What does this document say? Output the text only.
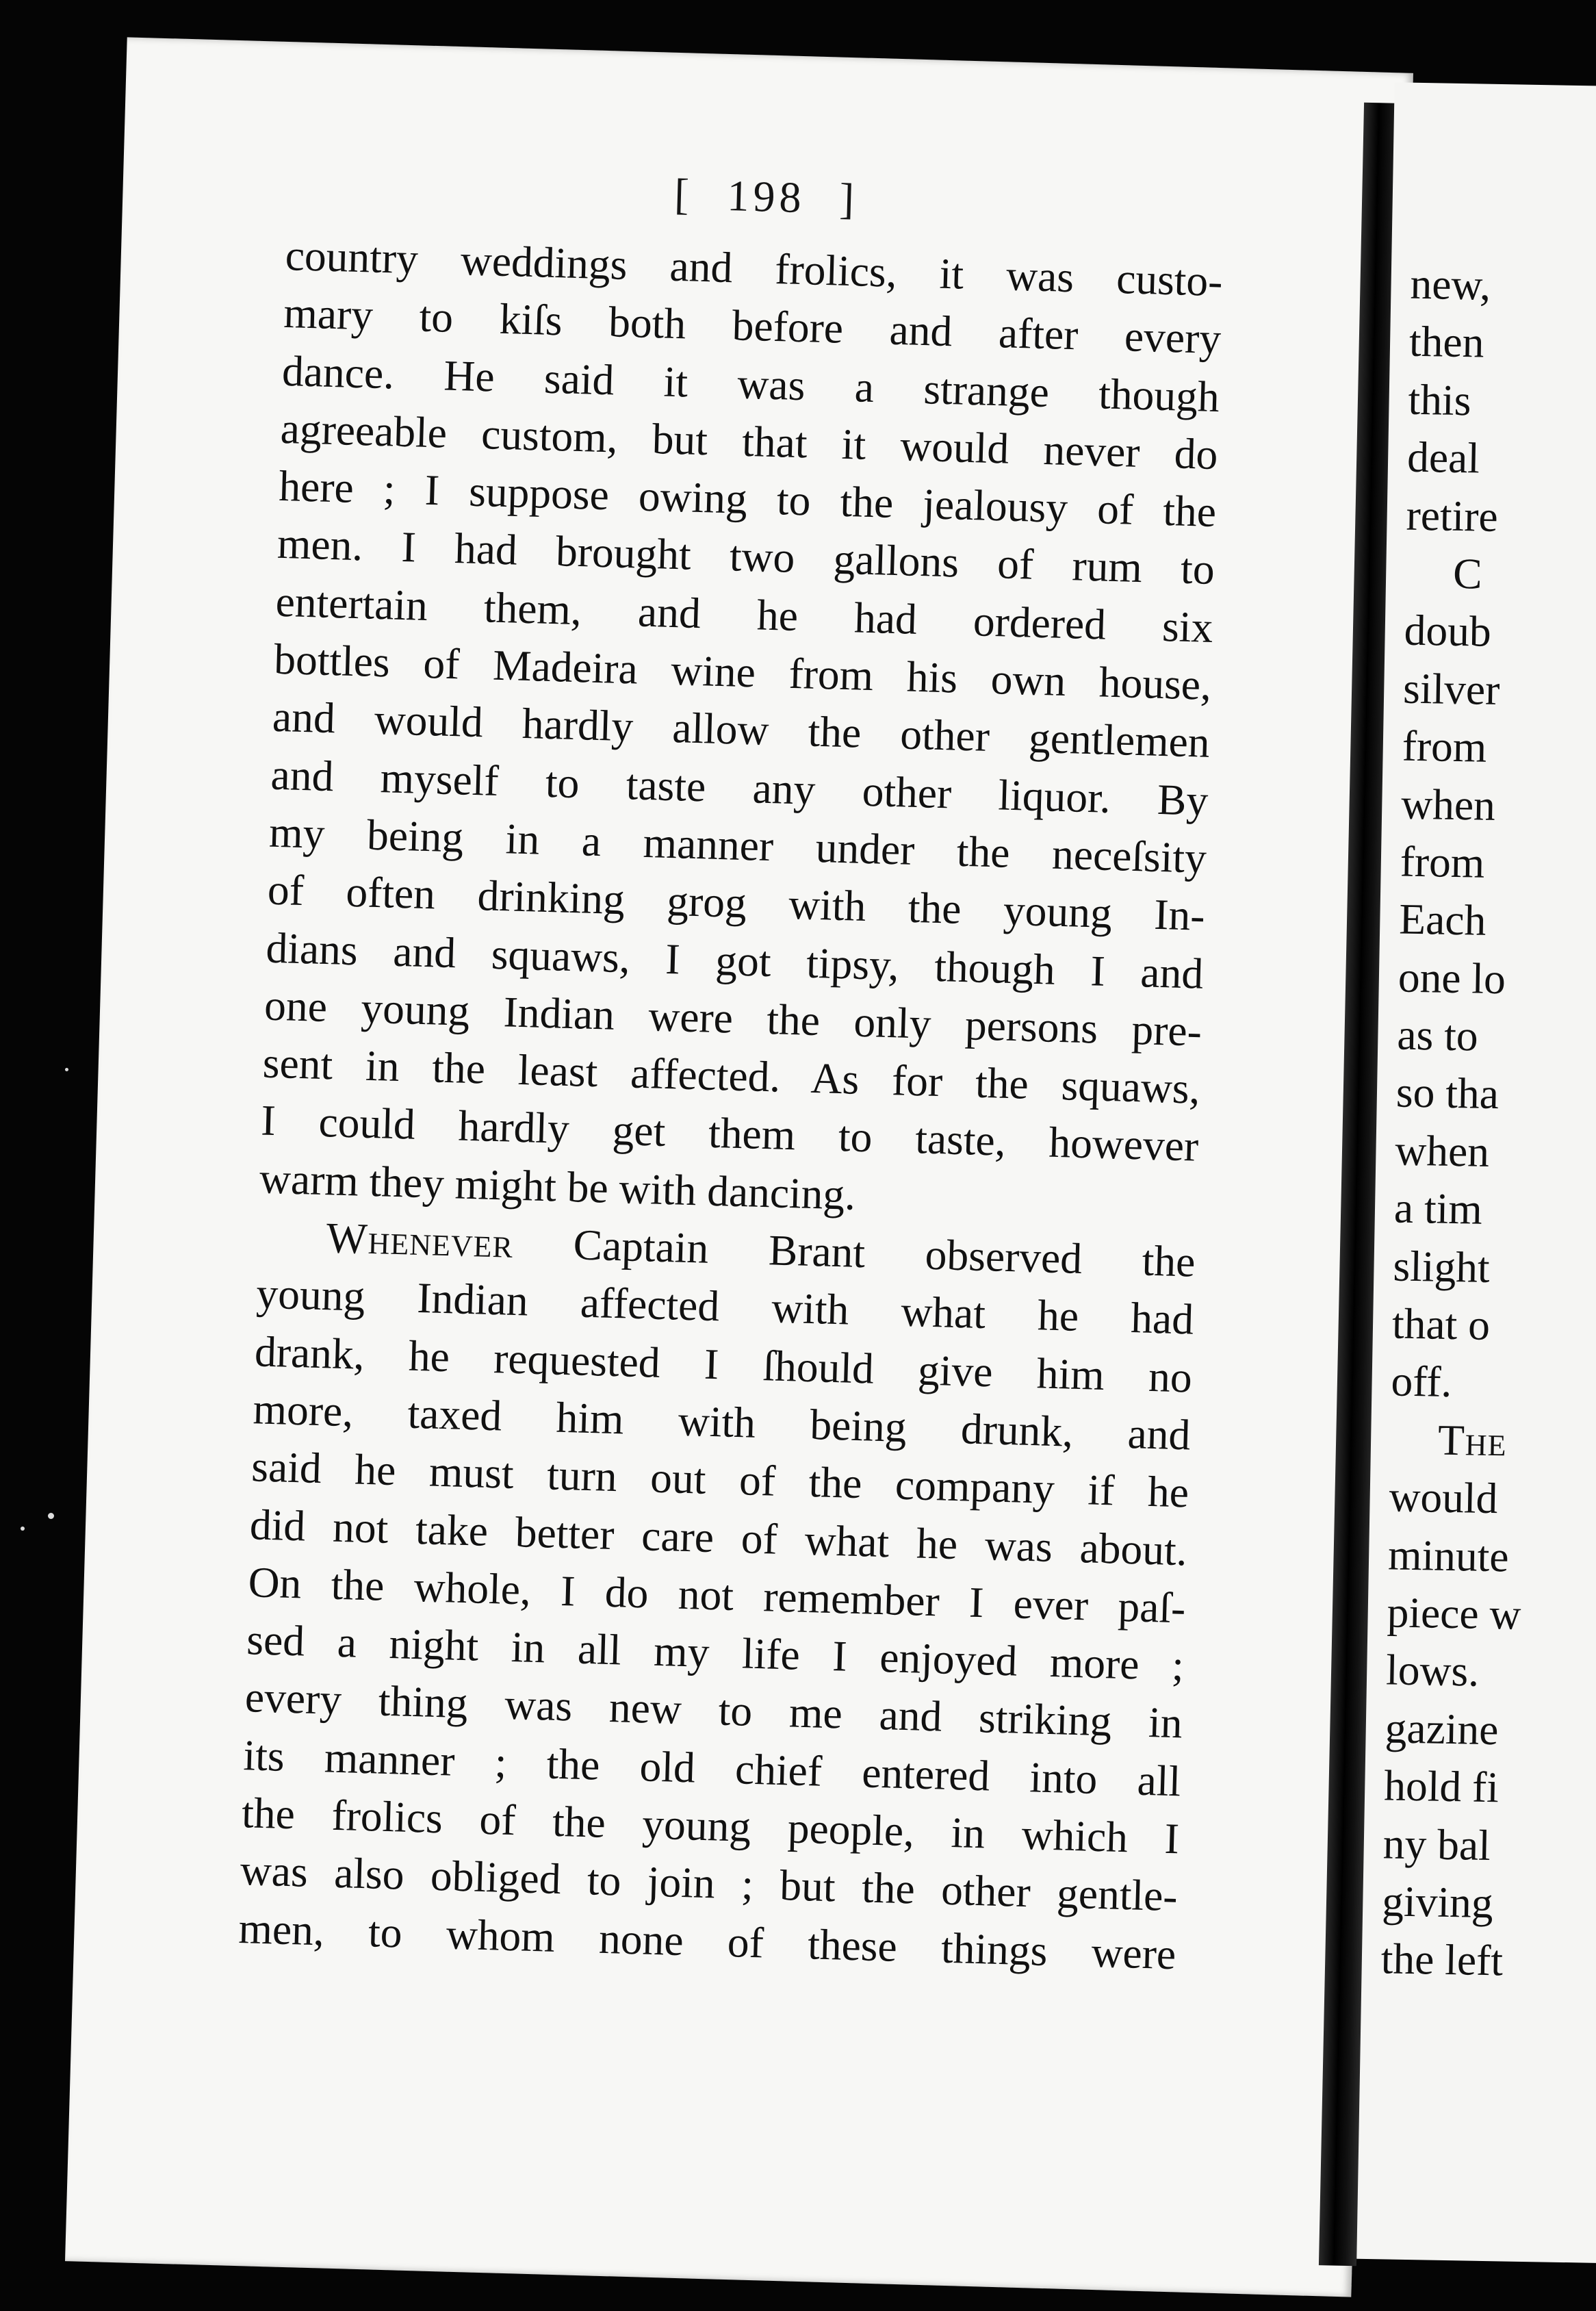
[ 198 ]
country weddings and frolics, it was custo-
mary to kiſs both before and after every
dance. He said it was a strange though
agreeable custom, but that it would never do
here ; I suppose owing to the jealousy of the
men. I had brought two gallons of rum to
entertain them, and he had ordered six
bottles of Madeira wine from his own house,
and would hardly allow the other gentlemen
and myself to taste any other liquor. By
my being in a manner under the neceſsity
of often drinking grog with the young In-
dians and squaws, I got tipsy, though I and
one young Indian were the only persons pre-
sent in the least affected. As for the squaws,
I could hardly get them to taste, however
warm they might be with dancing.
Whenever Captain Brant observed the
young Indian affected with what he had
drank, he requested I ſhould give him no
more, taxed him with being drunk, and
said he must turn out of the company if he
did not take better care of what he was about.
On the whole, I do not remember I ever paſ-
sed a night in all my life I enjoyed more ;
every thing was new to me and striking in
its manner ; the old chief entered into all
the frolics of the young people, in which I
was also obliged to join ; but the other gentle-
men, to whom none of these things were
new,
then
this
deal
retire
C
doub
silver
from
when
from
Each
one lo
as to
so tha
when
a tim
slight
that o
off.
The
would
minute
piece w
lows.
gazine
hold fi
ny bal
giving
the left
